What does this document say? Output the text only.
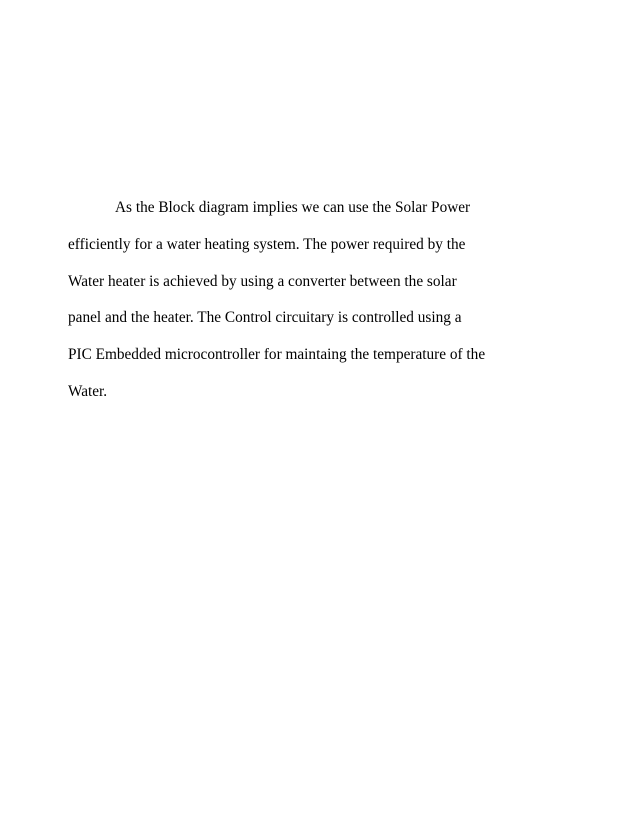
As the Block diagram implies we can use the Solar Power
efficiently for a water heating system. The power required by the
Water heater is achieved by using a converter between the solar
panel and the heater. The Control circuitary is controlled using a
PIC Embedded microcontroller for maintaing the temperature of the
Water.
